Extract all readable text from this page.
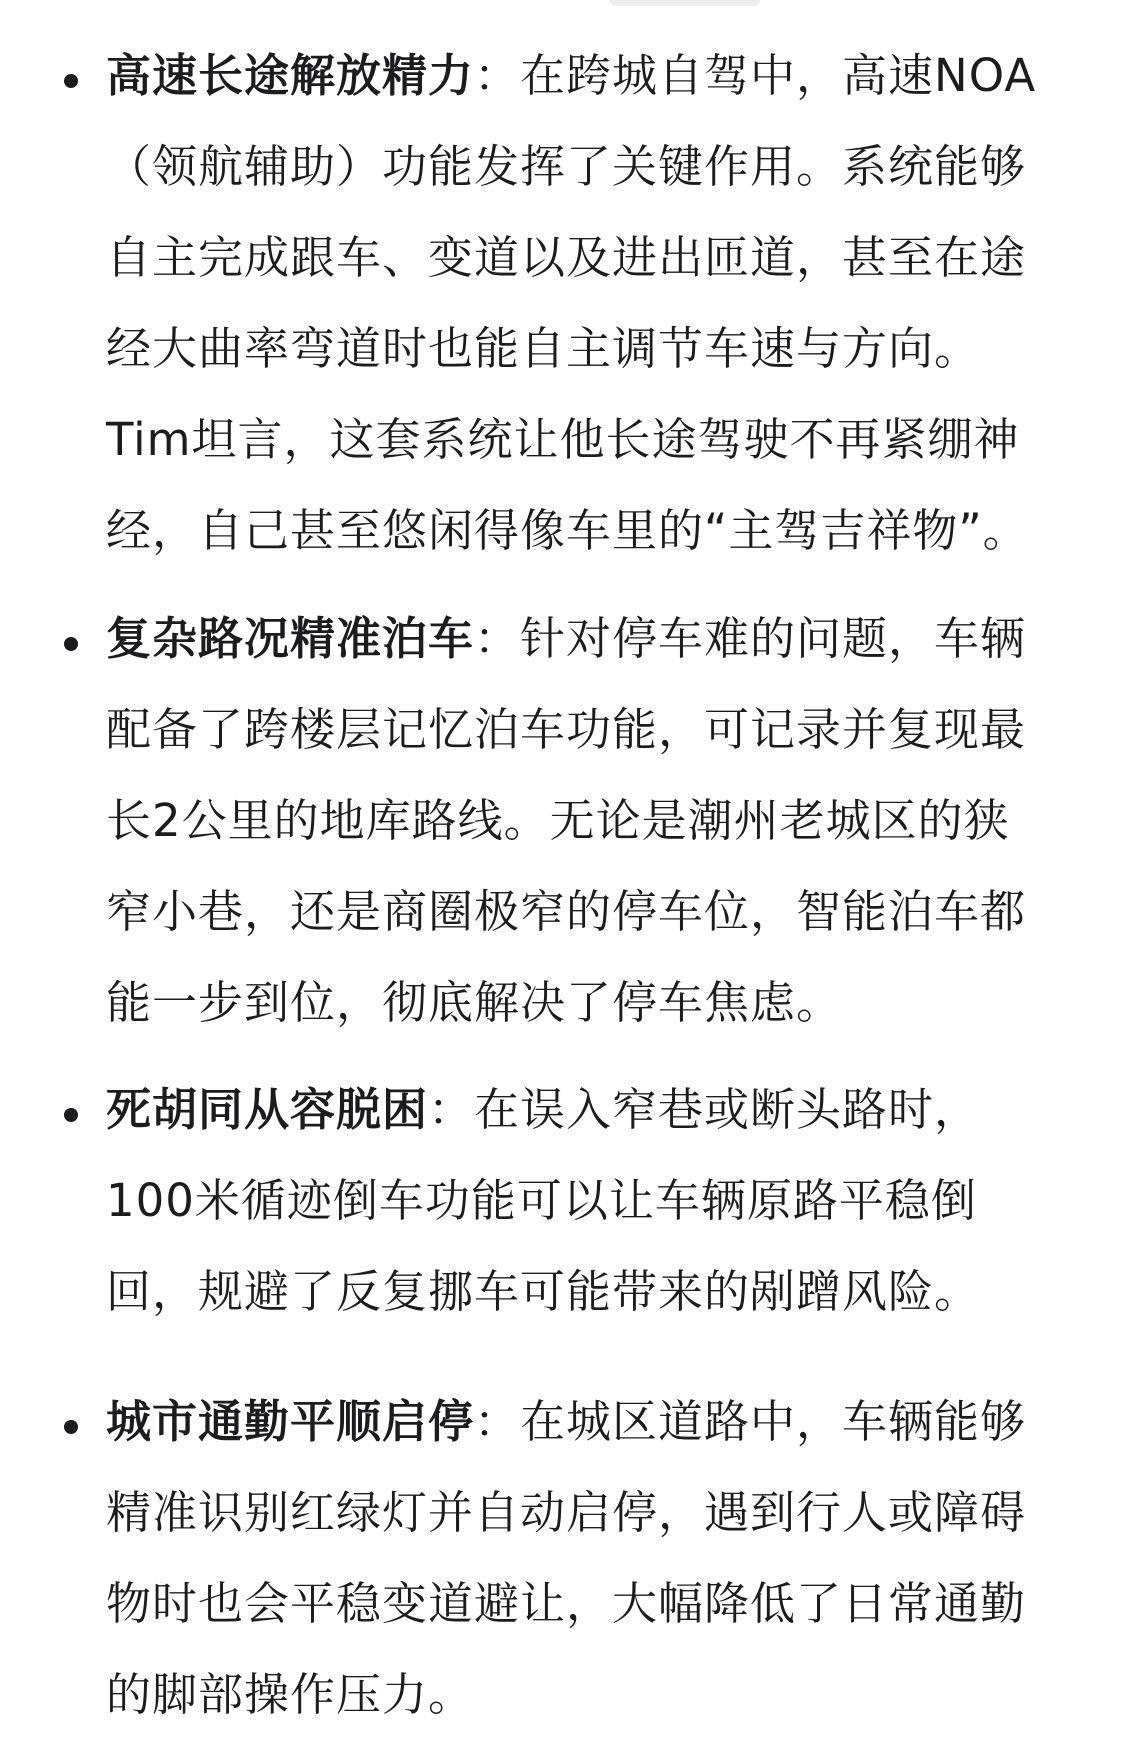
高速长途解放精力：在跨城自驾中，高速NOA
（领航辅助）功能发挥了关键作用。系统能够
自主完成跟车、变道以及进出匝道，甚至在途
经大曲率弯道时也能自主调节车速与方向。
Tim坦言，这套系统让他长途驾驶不再紧绷神
经，自己甚至悠闲得像车里的“主驾吉祥物”。

复杂路况精准泊车：针对停车难的问题，车辆
配备了跨楼层记忆泊车功能，可记录并复现最
长2公里的地库路线。无论是潮州老城区的狭
窄小巷，还是商圈极窄的停车位，智能泊车都
能一步到位，彻底解决了停车焦虑。

死胡同从容脱困：在误入窄巷或断头路时，
100米循迹倒车功能可以让车辆原路平稳倒
回，规避了反复挪车可能带来的剐蹭风险。

城市通勤平顺启停：在城区道路中，车辆能够
精准识别红绿灯并自动启停，遇到行人或障碍
物时也会平稳变道避让，大幅降低了日常通勤
的脚部操作压力。
